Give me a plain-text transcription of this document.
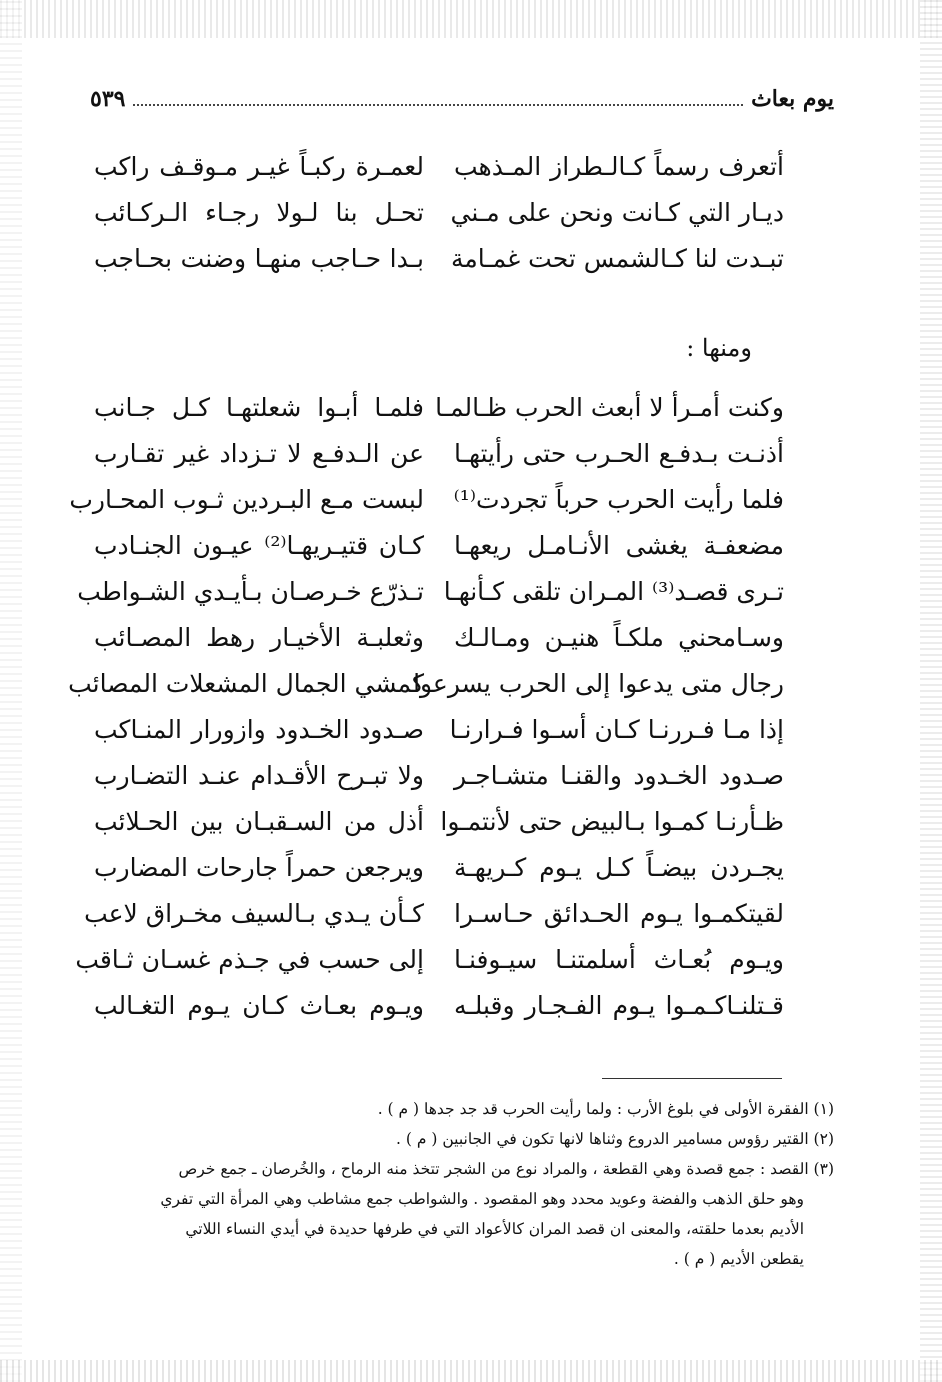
يوم بعاث
٥٣٩
أتعرف رسماً كـالـطراز المـذهب
لعمـرة ركبـاً غيـر مـوقـف راكب
ديـار التي كـانت ونحن على مـني
تحـل بنا لـولا رجـاء الـركـائب
تبـدت لنا كـالشمس تحت غمـامة
بـدا حـاجب منهـا وضنت بحـاجب
ومنها :
وكنت أمـرأ لا أبعث الحرب ظـالمـا
فلمـا أبـوا شعلتهـا كـل جـانب
أذنـت بـدفـع الحـرب حتى رأيتهـا
عن الـدفـع لا تـزداد غير تقـارب
فلما رأيت الحرب حرباً تجردت⁽¹⁾
لبست مـع البـردين ثـوب المحـارب
مضعفـة يغشى الأنـامـل ريعهـا
كـان قتيـريهـا⁽²⁾ عيـون الجنـادب
تـرى قصـد⁽³⁾ المـران تلقى كـأنهـا
تـذرّع خـرصـان بـأيـدي الشـواطب
وسـامحني ملكـاً هنيـن ومـالـك
وثعلبـة الأخيـار رهط المصـائب
رجال متى يدعوا إلى الحرب يسرعوا
كمشي الجمال المشعلات المصائب
إذا مـا فـررنـا كـان أسـوا فـرارنـا
صـدود الخـدود وازورار المنـاكب
صـدود الخـدود والقنـا متشـاجـر
ولا تبـرح الأقـدام عنـد التضـارب
ظـأرنـا كمـوا بـالبيض حتى لأنتمـوا
أذل من السـقبـان بين الحـلائب
يجـردن بيضـاً كـل يـوم كـريهـة
ويرجعن حمراً جارحات المضارب
لقيتكمـوا يـوم الحـدائق حـاسـرا
كـأن يـدي بـالسيف مخـراق لاعب
ويـوم بُعـاث أسلمتنـا سيـوفنـا
إلى حسب في جـذم غسـان ثـاقب
قـتلنـاكـمـوا يـوم الفـجـار وقبلـه
ويـوم بعـاث كـان يـوم التغـالب

(١) الفقرة الأولى في بلوغ الأرب : ولما رأيت الحرب قد جد جدها ( م ) .

(٢) القتير رؤوس مسامير الدروع وثناها لانها تكون في الجانبين ( م ) .

(٣) القصد : جمع قصدة وهي القطعة ، والمراد نوع من الشجر تتخذ منه الرماح ، والخُرصان ـ جمع خرص

وهو حلق الذهب والفضة وعويد محدد وهو المقصود . والشواطب جمع مشاطب وهي المرأة التي تفري

الأديم بعدما حلقته، والمعنى ان قصد المران كالأعواد التي في طرفها حديدة في أيدي النساء اللاتي

يقطعن الأديم ( م ) .
